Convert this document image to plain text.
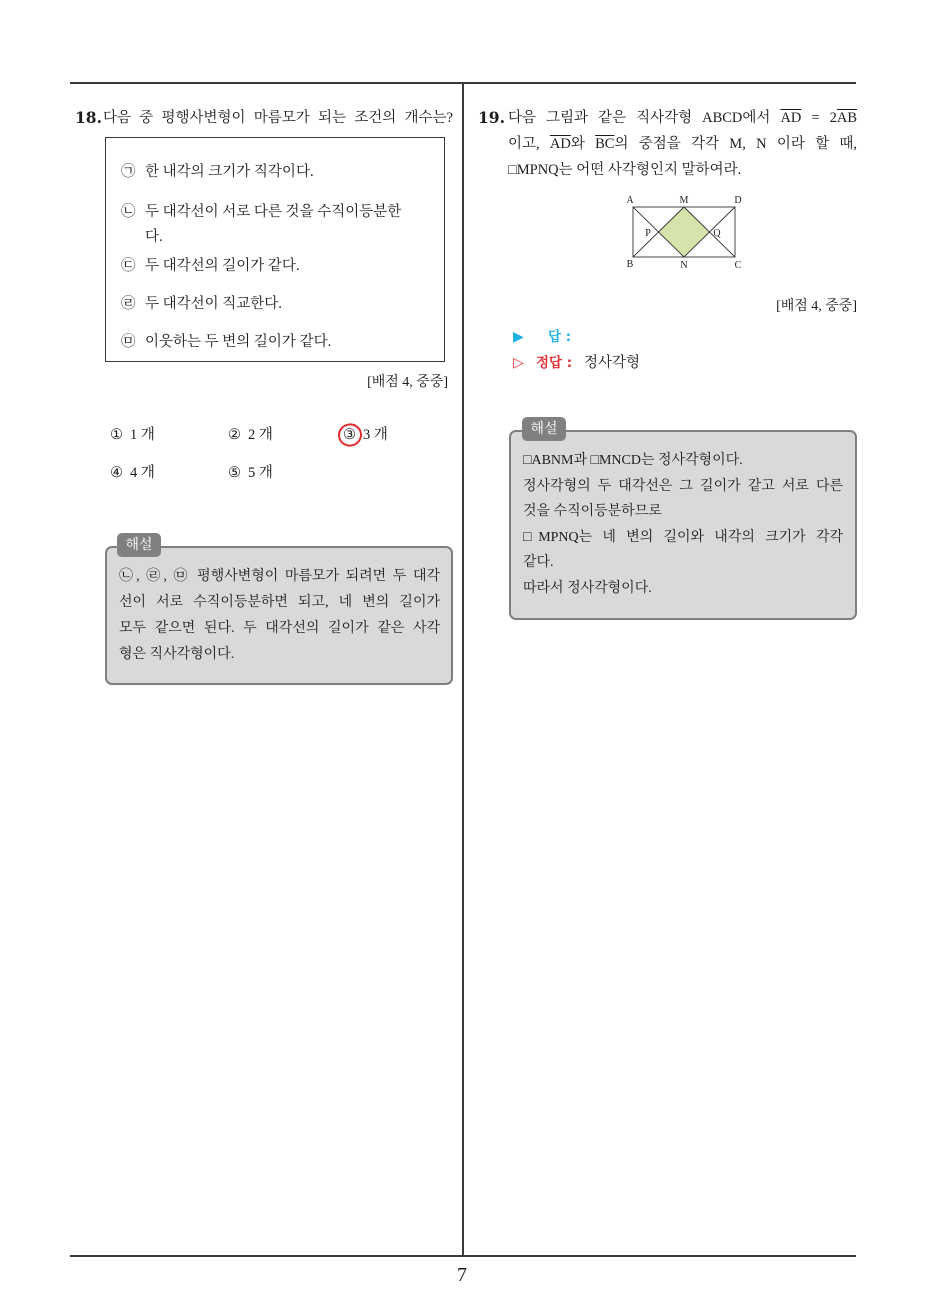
18. 다음 중 평행사변형이 마름모가 되는 조건의 개수는?
㉠ 한 내각의 크기가 직각이다.
㉡ 두 대각선이 서로 다른 것을 수직이등분한
다.
㉢ 두 대각선의 길이가 같다.
㉣ 두 대각선이 직교한다.
㉤ 이웃하는 두 변의 길이가 같다.
[배점 4, 중중]
① 1 개	② 2 개	③ 3 개
④ 4 개	⑤ 5 개
해설
㉡, ㉣, ㉤ 평행사변형이 마름모가 되려면 두 대각
선이 서로 수직이등분하면 되고, 네 변의 길이가
모두 같으면 된다. 두 대각선의 길이가 같은 사각
형은 직사각형이다.
19. 다음 그림과 같은 직사각형 ABCD에서 $\overline{AD} = 2\overline{AB}$
이고, $\overline{AD}$와 $\overline{BC}$의 중점을 각각 M, N 이라 할 때,
□MPNQ는 어떤 사각형인지 말하여라.
A	M	D
P	Q
B	N	C
[배점 4, 중중]
▶ 답 :
▷ 정답 : 정사각형
해설
□ABNM과 □MNCD는 정사각형이다.
정사각형의 두 대각선은 그 길이가 같고 서로 다른
것을 수직이등분하므로
□MPNQ는 네 변의 길이와 내각의 크기가 각각
같다.
따라서 정사각형이다.
7
